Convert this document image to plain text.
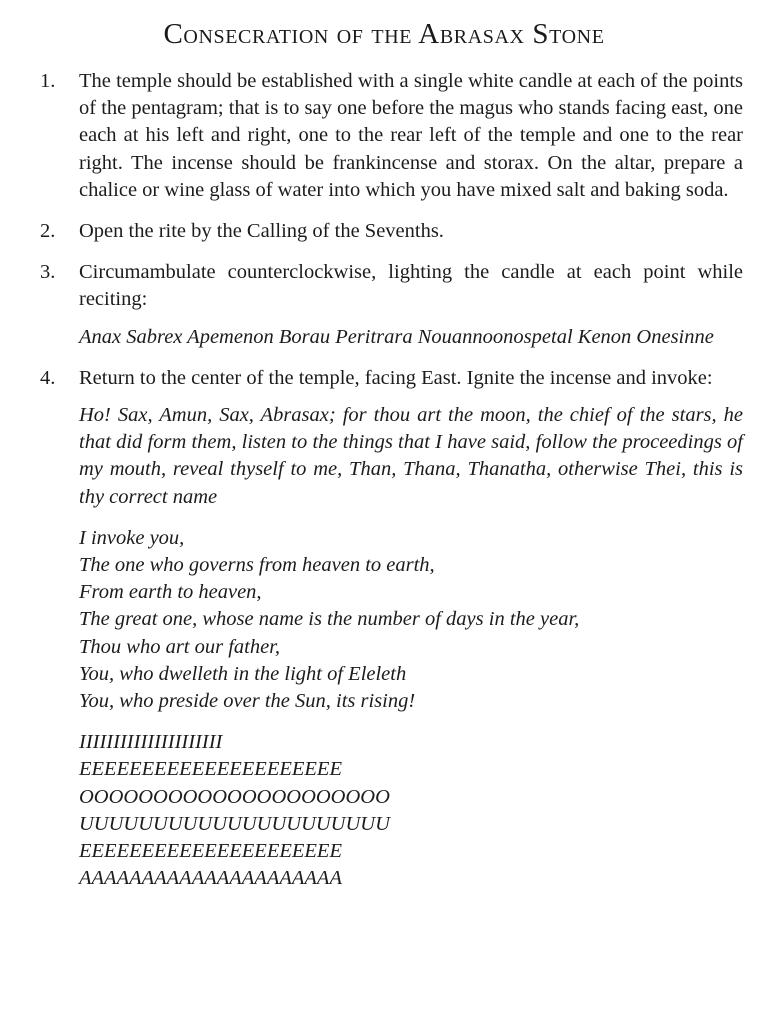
Consecration of the Abrasax Stone
1.	The temple should be established with a single white candle at each of the points of the pentagram; that is to say one before the magus who stands facing east, one each at his left and right, one to the rear left of the temple and one to the rear right. The incense should be frankincense and storax. On the altar, prepare a chalice or wine glass of water into which you have mixed salt and baking soda.

2.	Open the rite by the Calling of the Sevenths.

3.	Circumambulate counterclockwise, lighting the candle at each point while reciting:

Anax Sabrex Apemenon Borau Peritrara Nouannoonospetal Kenon Onesinne
4.	Return to the center of the temple, facing East. Ignite the incense and invoke:

Ho! Sax, Amun, Sax, Abrasax; for thou art the moon, the chief of the stars, he that did form them, listen to the things that I have said, follow the proceedings of my mouth, reveal thyself to me, Than, Thana, Thanatha, otherwise Thei, this is thy correct name
I invoke you,
The one who governs from heaven to earth,
From earth to heaven,
The great one, whose name is the number of days in the year,
Thou who art our father,
You, who dwelleth in the light of Eleleth
You, who preside over the Sun, its rising!
IIIIIIIIIIIIIIIIIIIII
EEEEEEEEEEEEEEEEEEEEE
OOOOOOOOOOOOOOOOOOOOO
UUUUUUUUUUUUUUUUUUUUU
EEEEEEEEEEEEEEEEEEEEE
AAAAAAAAAAAAAAAAAAAAA
